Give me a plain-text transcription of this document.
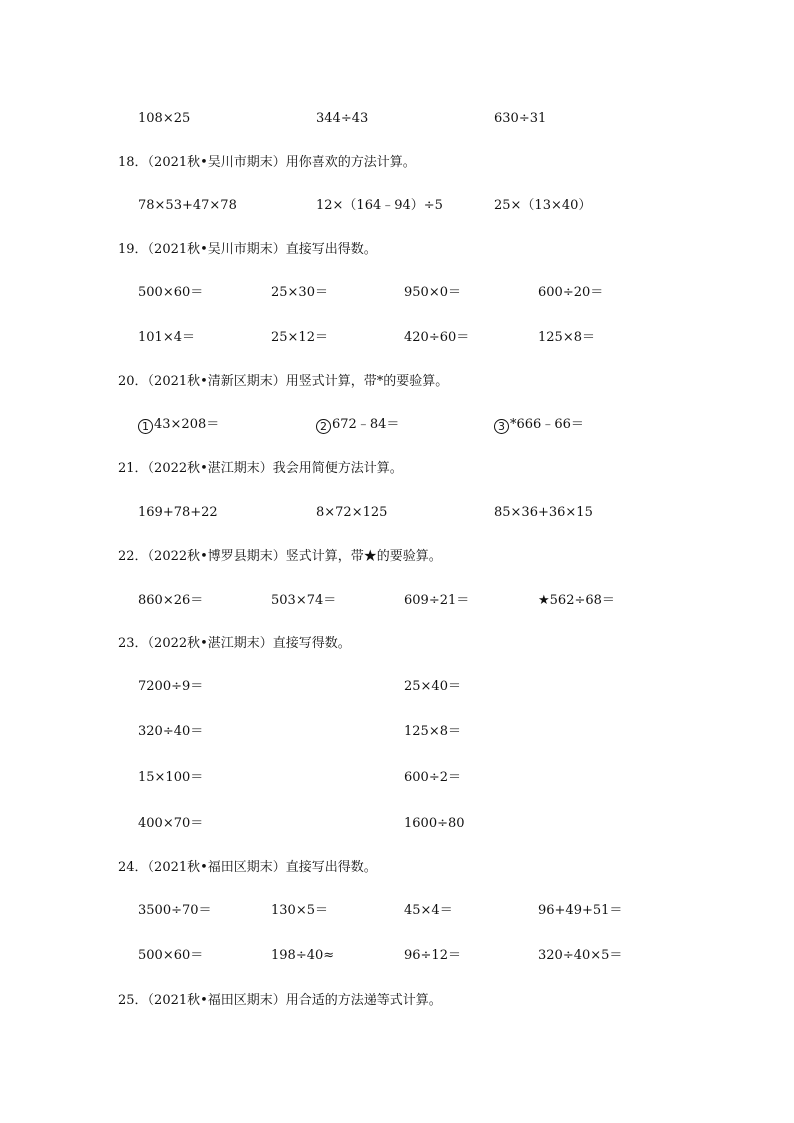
108×25	344÷43	630÷31
18．（2021秋•吴川市期末）用你喜欢的方法计算。
78×53+47×78	12×（164﹣94）÷5	25×（13×40）
19．（2021秋•吴川市期末）直接写出得数。
500×60＝	25×30＝	950×0＝	600÷20＝
101×4＝	25×12＝	420÷60＝	125×8＝
20．（2021秋•清新区期末）用竖式计算，带*的要验算。
1 43×208＝	2 672﹣84＝	3 *666﹣66＝
21．（2022秋•湛江期末）我会用简便方法计算。
169+78+22	8×72×125	85×36+36×15
22．（2022秋•博罗县期末）竖式计算，带★的要验算。
860×26＝	503×74＝	609÷21＝	★562÷68＝
23．（2022秋•湛江期末）直接写得数。
7200÷9＝	25×40＝
320÷40＝	125×8＝
15×100＝	600÷2＝
400×70＝	1600÷80
24．（2021秋•福田区期末）直接写出得数。
3500÷70＝	130×5＝	45×4＝	96+49+51＝
500×60＝	198÷40≈	96÷12＝	320÷40×5＝
25．（2021秋•福田区期末）用合适的方法递等式计算。
